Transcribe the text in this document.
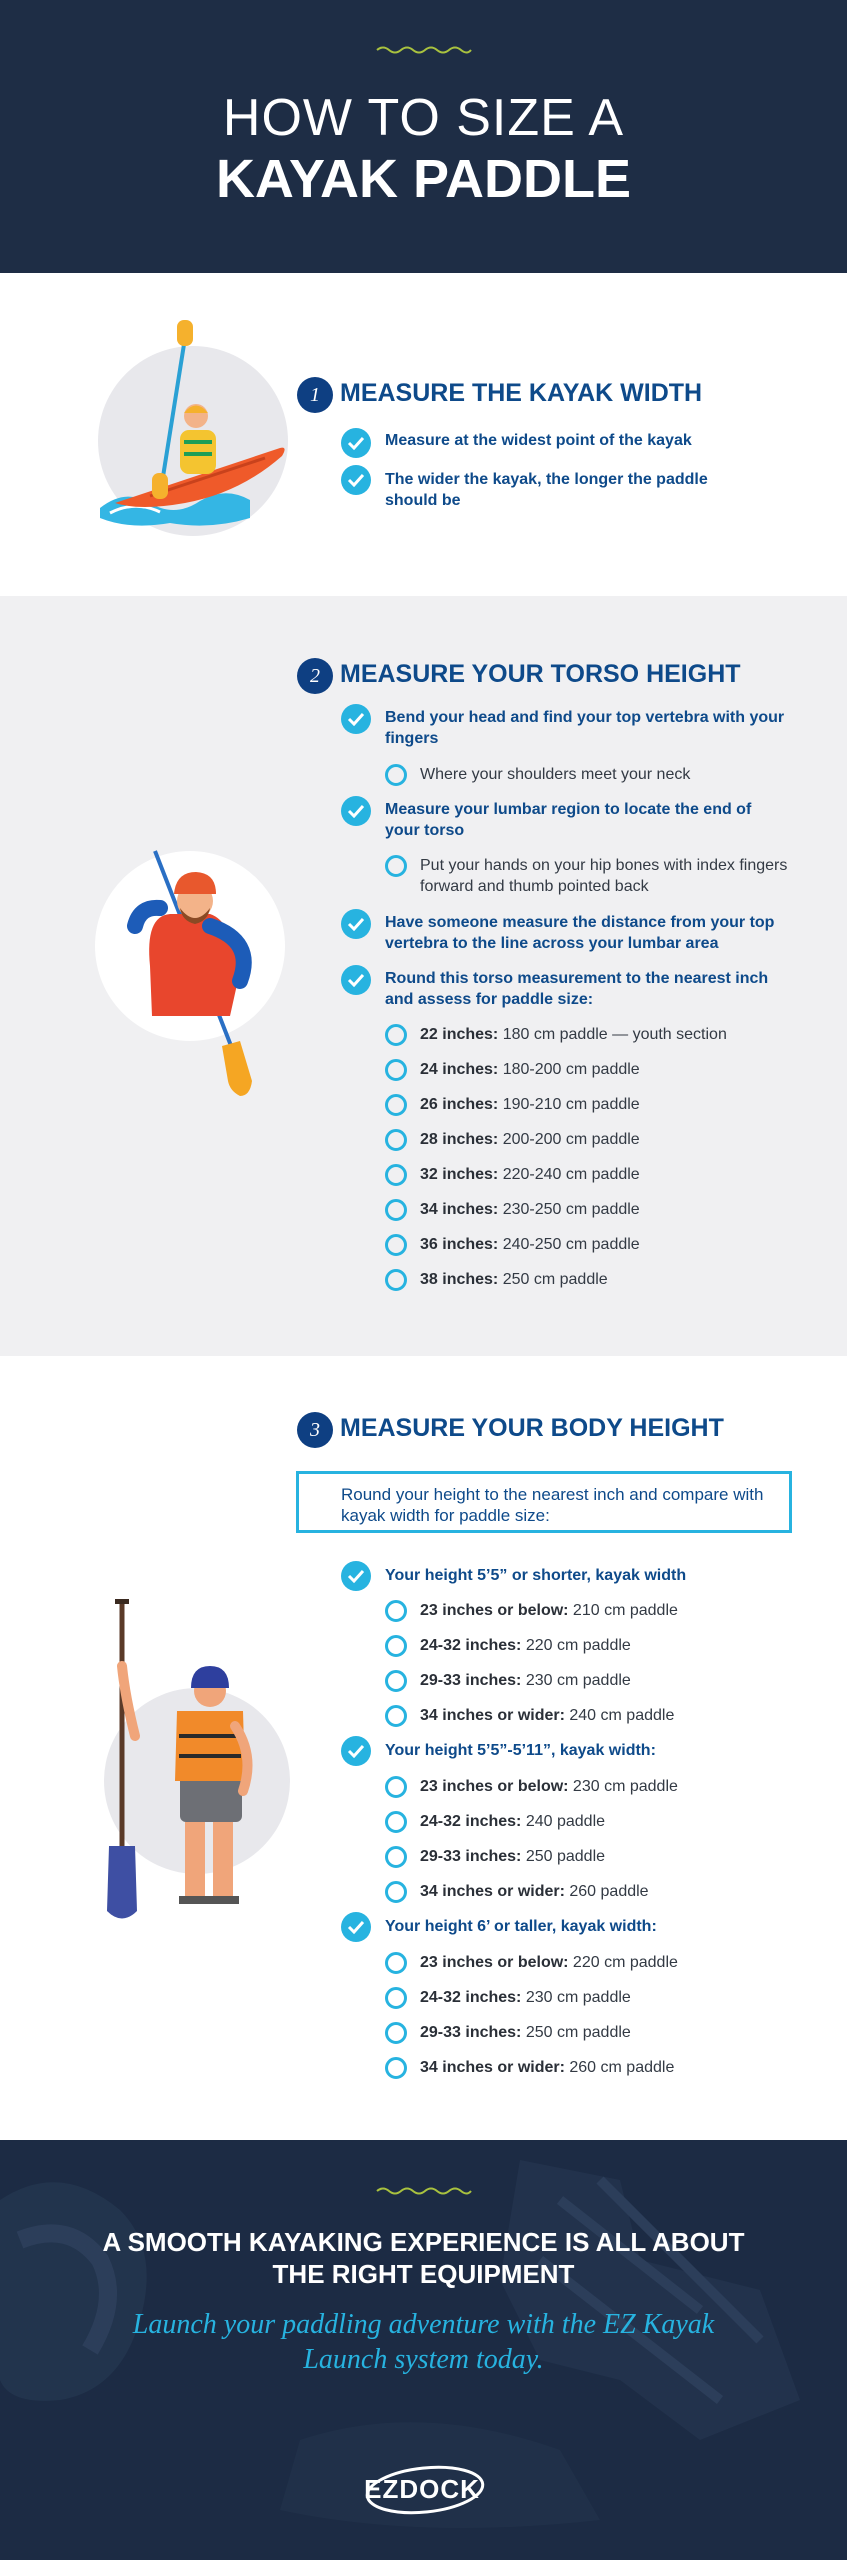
HOW TO SIZE A
KAYAK PADDLE
1 MEASURE THE KAYAK WIDTH
Measure at the widest point of the kayak
The wider the kayak, the longer the paddle should be
2 MEASURE YOUR TORSO HEIGHT
Bend your head and find your top vertebra with your fingers
Where your shoulders meet your neck
Measure your lumbar region to locate the end of your torso
Put your hands on your hip bones with index fingers forward and thumb pointed back
Have someone measure the distance from your top vertebra to the line across your lumbar area
Round this torso measurement to the nearest inch and assess for paddle size:
22 inches: 180 cm paddle — youth section
24 inches: 180-200 cm paddle
26 inches: 190-210 cm paddle
28 inches: 200-200 cm paddle
32 inches: 220-240 cm paddle
34 inches: 230-250 cm paddle
36 inches: 240-250 cm paddle
38 inches: 250 cm paddle
3 MEASURE YOUR BODY HEIGHT
Round your height to the nearest inch and compare with kayak width for paddle size:
Your height 5’5” or shorter, kayak width
23 inches or below: 210 cm paddle
24-32 inches: 220 cm paddle
29-33 inches: 230 cm paddle
34 inches or wider: 240 cm paddle
Your height 5’5”-5’11”, kayak width:
23 inches or below: 230 cm paddle
24-32 inches: 240 paddle
29-33 inches: 250 paddle
34 inches or wider: 260 paddle
Your height 6’ or taller, kayak width:
23 inches or below: 220 cm paddle
24-32 inches: 230 cm paddle
29-33 inches: 250 cm paddle
34 inches or wider: 260 cm paddle
A SMOOTH KAYAKING EXPERIENCE IS ALL ABOUT
THE RIGHT EQUIPMENT
Launch your paddling adventure with the EZ Kayak
Launch system today.
EZDOCK
